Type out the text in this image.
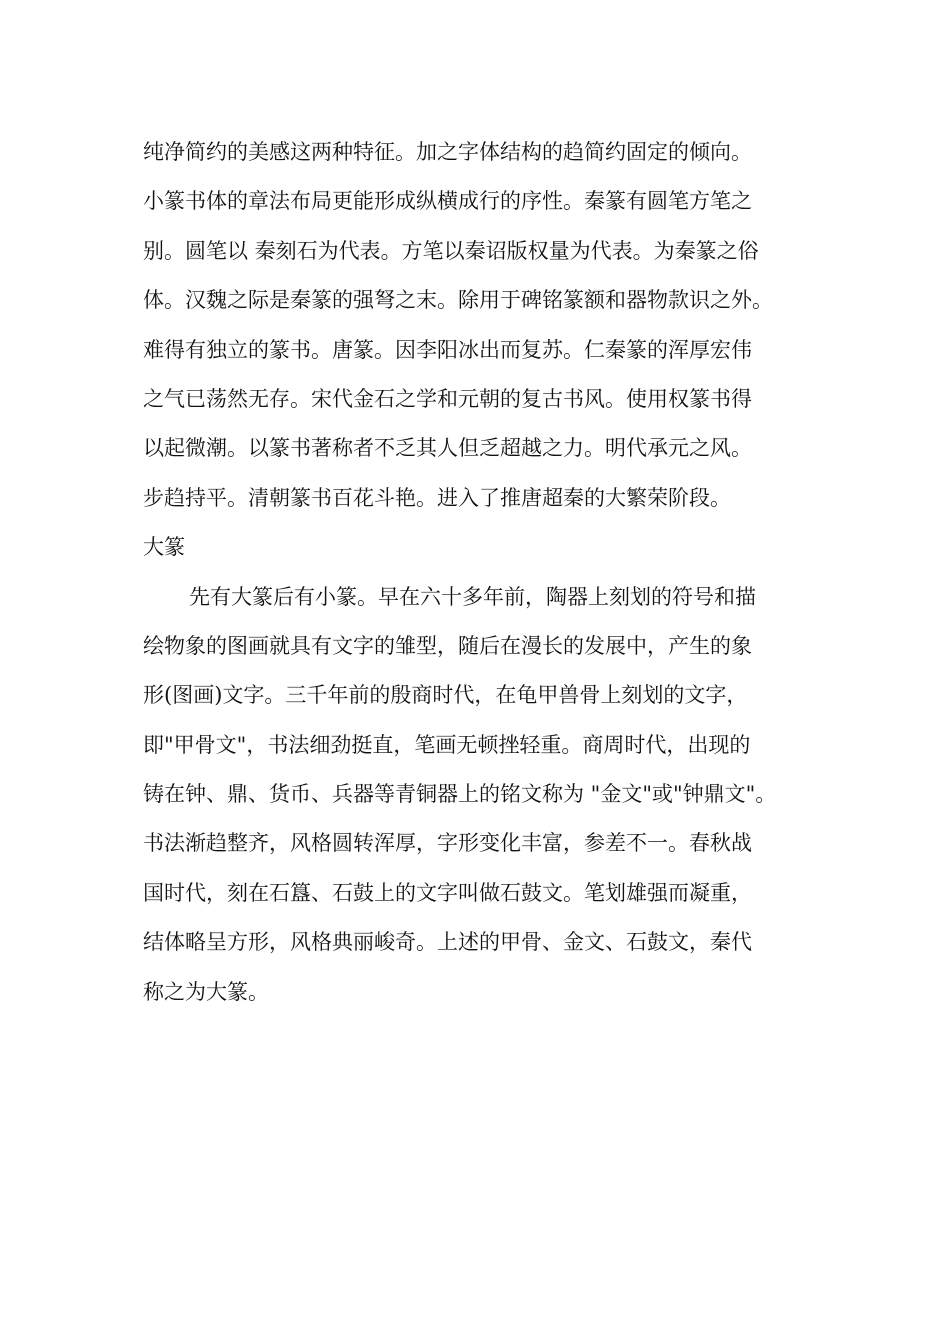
纯净简约的美感这两种特征。加之字体结构的趋简约固定的倾向。
小篆书体的章法布局更能形成纵横成行的序性。秦篆有圆笔方笔之
别。圆笔以 秦刻石为代表。方笔以秦诏版权量为代表。为秦篆之俗
体。汉魏之际是秦篆的强弩之末。除用于碑铭篆额和器物款识之外。
难得有独立的篆书。唐篆。因李阳冰出而复苏。仁秦篆的浑厚宏伟
之气已荡然无存。宋代金石之学和元朝的复古书风。使用权篆书得
以起微潮。以篆书著称者不乏其人但乏超越之力。明代承元之风。
步趋持平。清朝篆书百花斗艳。进入了推唐超秦的大繁荣阶段。
大篆
先有大篆后有小篆。早在六十多年前，陶器上刻划的符号和描
绘物象的图画就具有文字的雏型，随后在漫长的发展中，产生的象
形(图画)文字。三千年前的殷商时代，在龟甲兽骨上刻划的文字，
即"甲骨文"，书法细劲挺直，笔画无顿挫轻重。商周时代，出现的
铸在钟、鼎、货币、兵器等青铜器上的铭文称为 "金文"或"钟鼎文"。
书法渐趋整齐，风格圆转浑厚，字形变化丰富，参差不一。春秋战
国时代，刻在石簋、石鼓上的文字叫做石鼓文。笔划雄强而凝重，
结体略呈方形，风格典丽峻奇。上述的甲骨、金文、石鼓文，秦代
称之为大篆。
